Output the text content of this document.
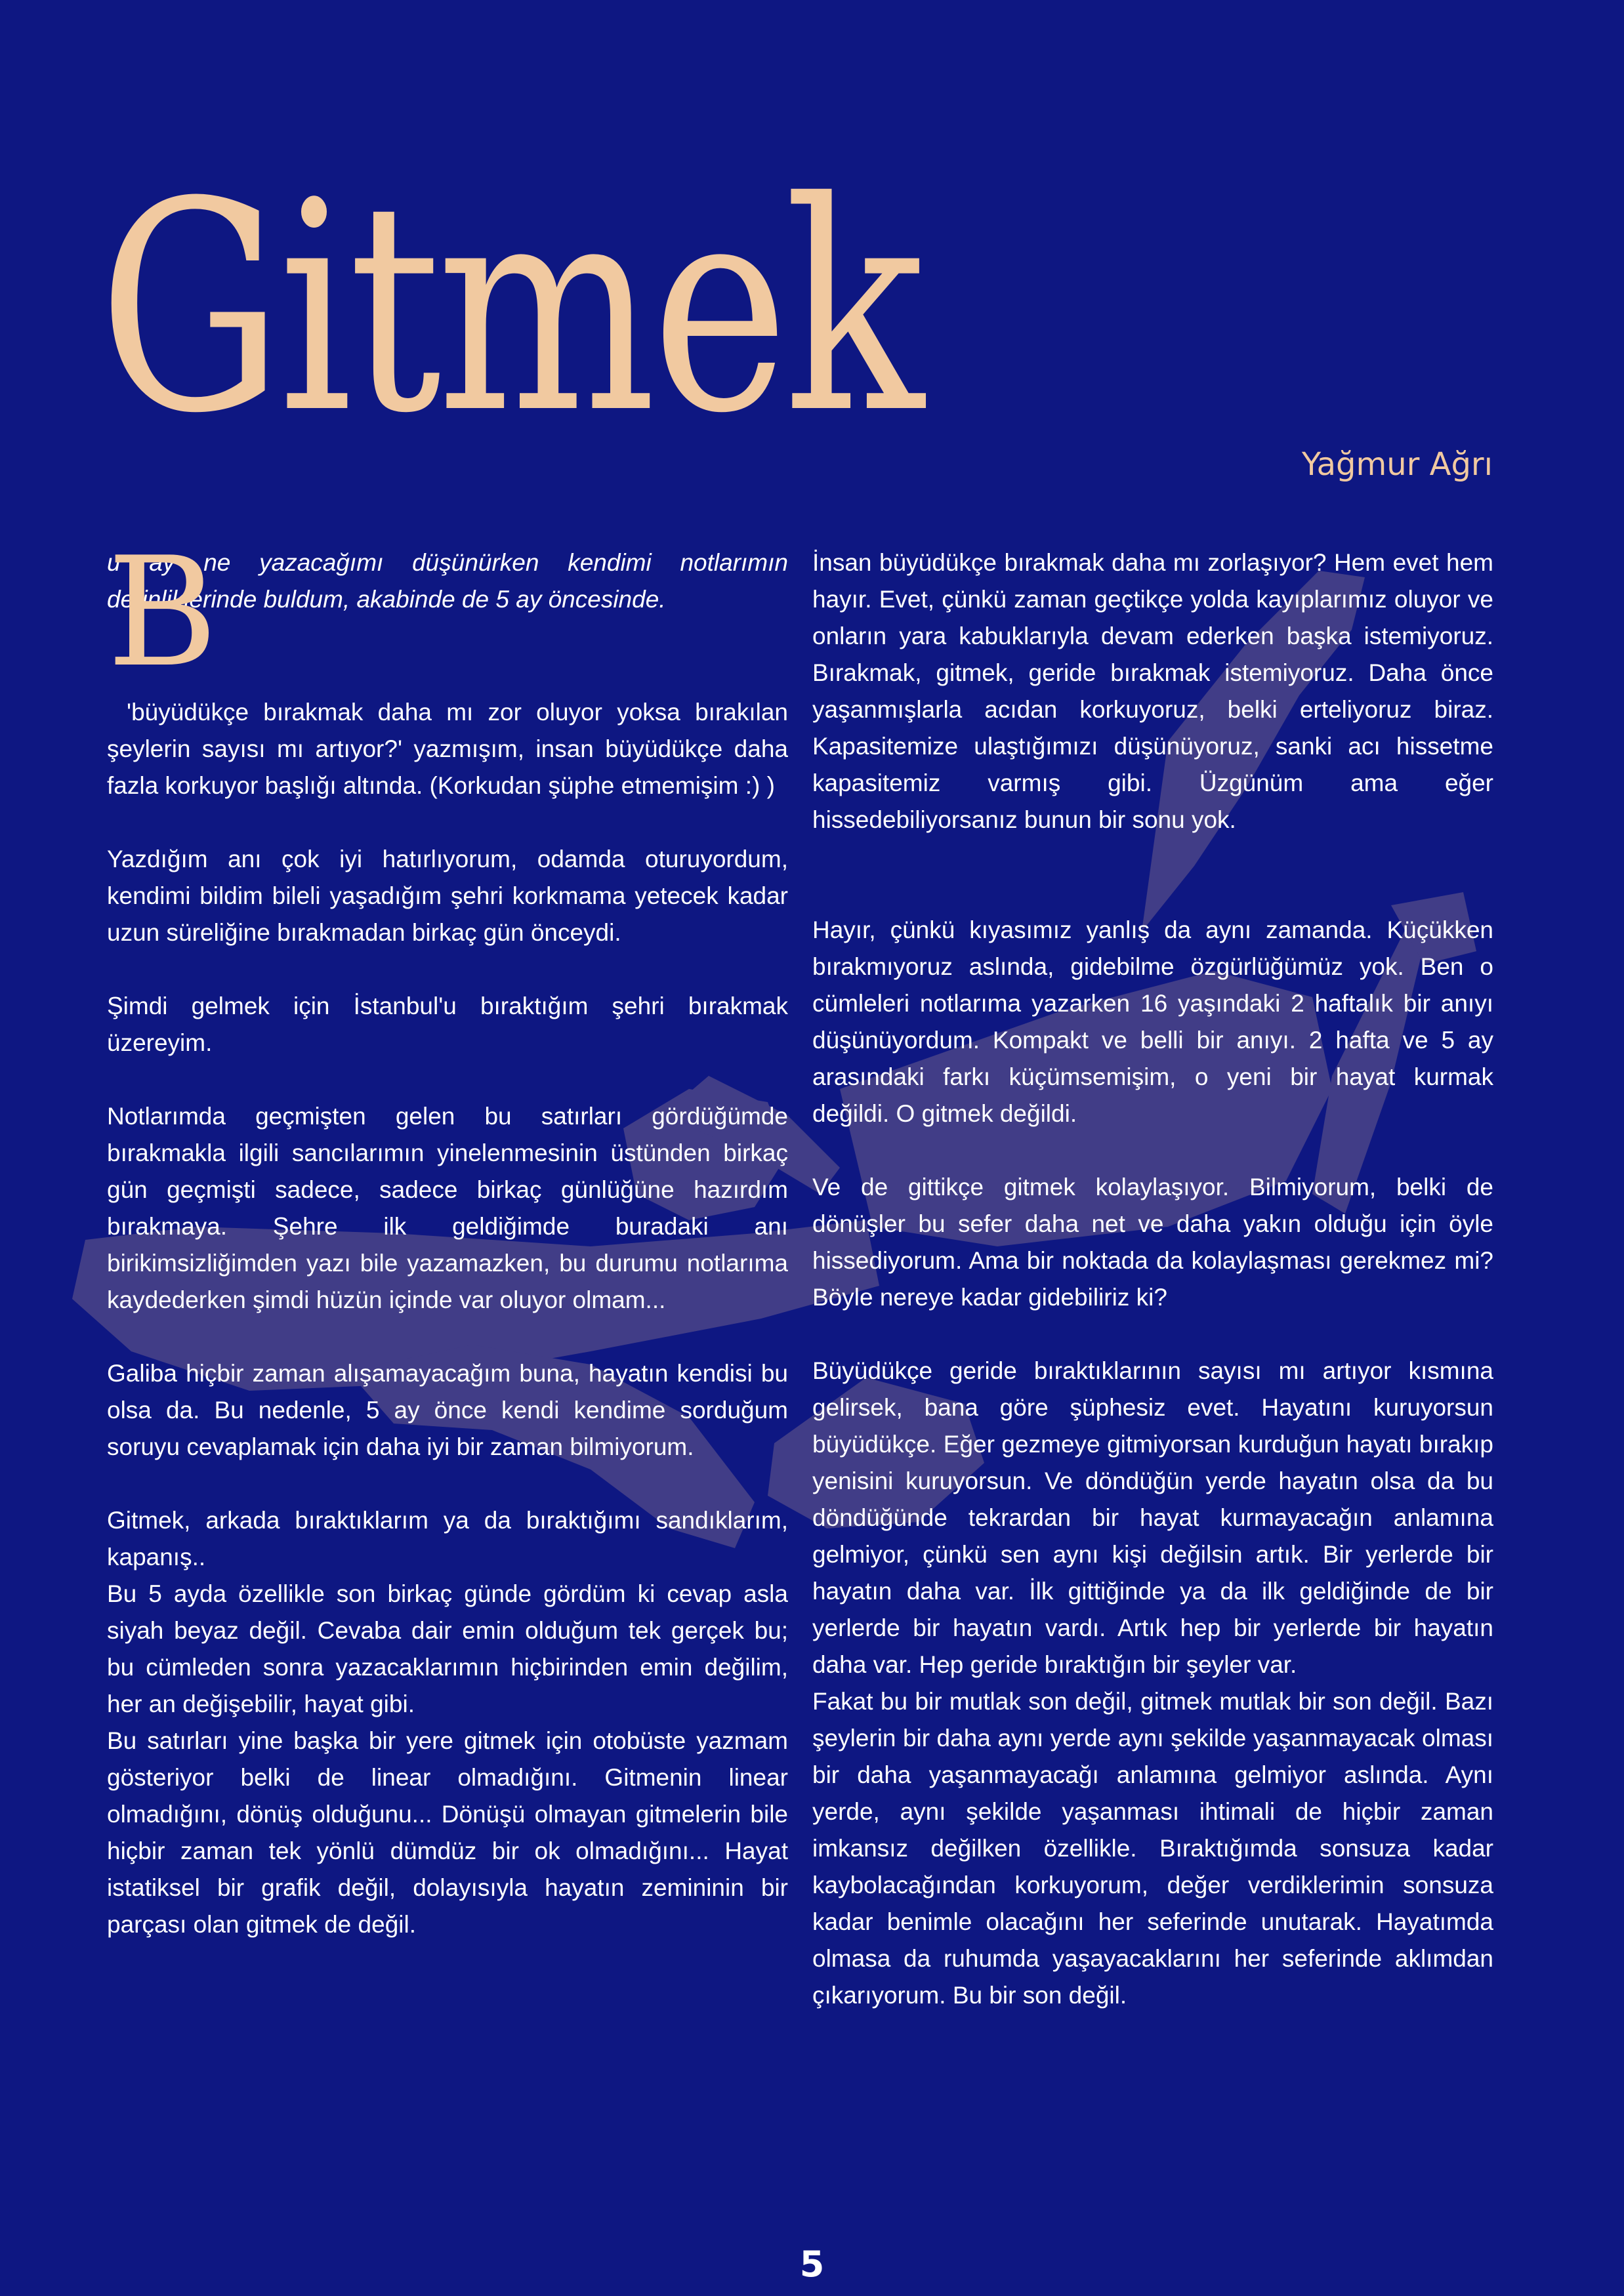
Gitmek	Yağmur Ağrı
B

u ay ne yazacağımı düşünürken kendimi notlarımın derinliklerinde buldum, akabinde de 5 ay öncesinde.

'büyüdükçe bırakmak daha mı zor oluyor yoksa bırakılan şeylerin sayısı mı artıyor?' yazmışım, insan büyüdükçe daha fazla korkuyor başlığı altında. (Korkudan şüphe etmemişim :) )

Yazdığım anı çok iyi hatırlıyorum, odamda oturuyordum, kendimi bildim bileli yaşadığım şehri korkmama yetecek kadar uzun süreliğine bırakmadan birkaç gün önceydi.

Şimdi gelmek için İstanbul'u bıraktığım şehri bırakmak üzereyim.

Notlarımda geçmişten gelen bu satırları gördüğümde bırakmakla ilgili sancılarımın yinelenmesinin üstünden birkaç gün geçmişti sadece, sadece birkaç günlüğüne hazırdım bırakmaya. Şehre ilk geldiğimde buradaki anı birikimsizliğimden yazı bile yazamazken, bu durumu notlarıma kaydederken şimdi hüzün içinde var oluyor olmam...

Galiba hiçbir zaman alışamayacağım buna, hayatın kendisi bu olsa da. Bu nedenle, 5 ay önce kendi kendime sorduğum soruyu cevaplamak için daha iyi bir zaman bilmiyorum.

Gitmek, arkada bıraktıklarım ya da bıraktığımı sandıklarım, kapanış..

Bu 5 ayda özellikle son birkaç günde gördüm ki cevap asla siyah beyaz değil. Cevaba dair emin olduğum tek gerçek bu; bu cümleden sonra yazacaklarımın hiçbirinden emin değilim, her an değişebilir, hayat gibi.

Bu satırları yine başka bir yere gitmek için otobüste yazmam gösteriyor belki de linear olmadığını. Gitmenin linear olmadığını, dönüş olduğunu... Dönüşü olmayan gitmelerin bile hiçbir zaman tek yönlü dümdüz bir ok olmadığını... Hayat istatiksel bir grafik değil, dolayısıyla hayatın zemininin bir parçası olan gitmek de değil.

İnsan büyüdükçe bırakmak daha mı zorlaşıyor? Hem evet hem hayır. Evet, çünkü zaman geçtikçe yolda kayıplarımız oluyor ve onların yara kabuklarıyla devam ederken başka istemiyoruz. Bırakmak, gitmek, geride bırakmak istemiyoruz. Daha önce yaşanmışlarla acıdan korkuyoruz, belki erteliyoruz biraz. Kapasitemize ulaştığımızı düşünüyoruz, sanki acı hissetme kapasitemiz varmış gibi. Üzgünüm ama eğer hissedebiliyorsanız bunun bir sonu yok.

Hayır, çünkü kıyasımız yanlış da aynı zamanda. Küçükken bırakmıyoruz aslında, gidebilme özgürlüğümüz yok. Ben o cümleleri notlarıma yazarken 16 yaşındaki 2 haftalık bir anıyı düşünüyordum. Kompakt ve belli bir anıyı. 2 hafta ve 5 ay arasındaki farkı küçümsemişim, o yeni bir hayat kurmak değildi. O gitmek değildi.

Ve de gittikçe gitmek kolaylaşıyor. Bilmiyorum, belki de dönüşler bu sefer daha net ve daha yakın olduğu için öyle hissediyorum. Ama bir noktada da kolaylaşması gerekmez mi? Böyle nereye kadar gidebiliriz ki?

Büyüdükçe geride bıraktıklarının sayısı mı artıyor kısmına gelirsek, bana göre şüphesiz evet. Hayatını kuruyorsun büyüdükçe. Eğer gezmeye gitmiyorsan kurduğun hayatı bırakıp yenisini kuruyorsun. Ve döndüğün yerde hayatın olsa da bu döndüğünde tekrardan bir hayat kurmayacağın anlamına gelmiyor, çünkü sen aynı kişi değilsin artık. Bir yerlerde bir hayatın daha var. İlk gittiğinde ya da ilk geldiğinde de bir yerlerde bir hayatın vardı. Artık hep bir yerlerde bir hayatın daha var. Hep geride bıraktığın bir şeyler var.

Fakat bu bir mutlak son değil, gitmek mutlak bir son değil. Bazı şeylerin bir daha aynı yerde aynı şekilde yaşanmayacak olması bir daha yaşanmayacağı anlamına gelmiyor aslında. Aynı yerde, aynı şekilde yaşanması ihtimali de hiçbir zaman imkansız değilken özellikle. Bıraktığımda sonsuza kadar kaybolacağından korkuyorum, değer verdiklerimin sonsuza kadar benimle olacağını her seferinde unutarak. Hayatımda olmasa da ruhumda yaşayacaklarını her seferinde aklımdan çıkarıyorum. Bu bir son değil.

5
